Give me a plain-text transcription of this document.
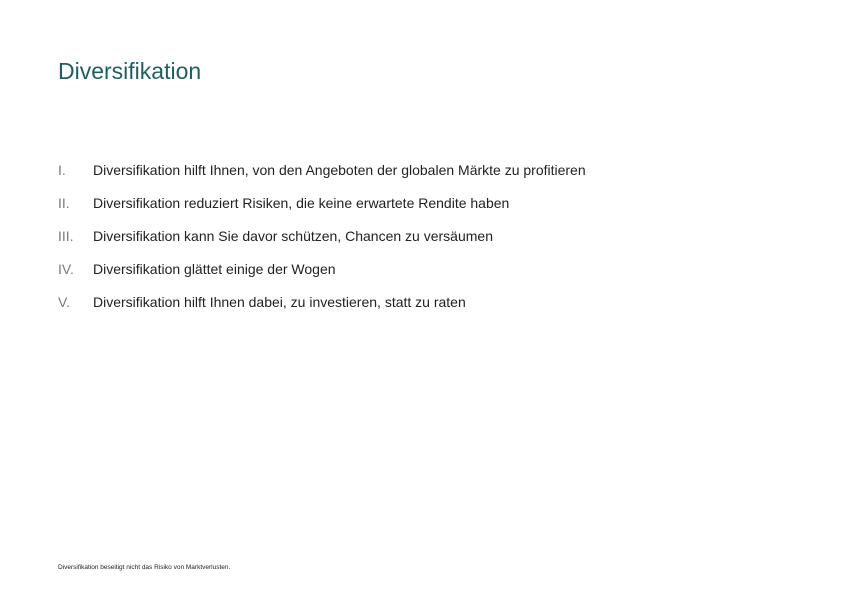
Diversifikation
I. Diversifikation hilft Ihnen, von den Angeboten der globalen Märkte zu profitieren
II. Diversifikation reduziert Risiken, die keine erwartete Rendite haben
III. Diversifikation kann Sie davor schützen, Chancen zu versäumen
IV. Diversifikation glättet einige der Wogen
V. Diversifikation hilft Ihnen dabei, zu investieren, statt zu raten
Diversifikation beseitigt nicht das Risiko von Marktverlusten.
